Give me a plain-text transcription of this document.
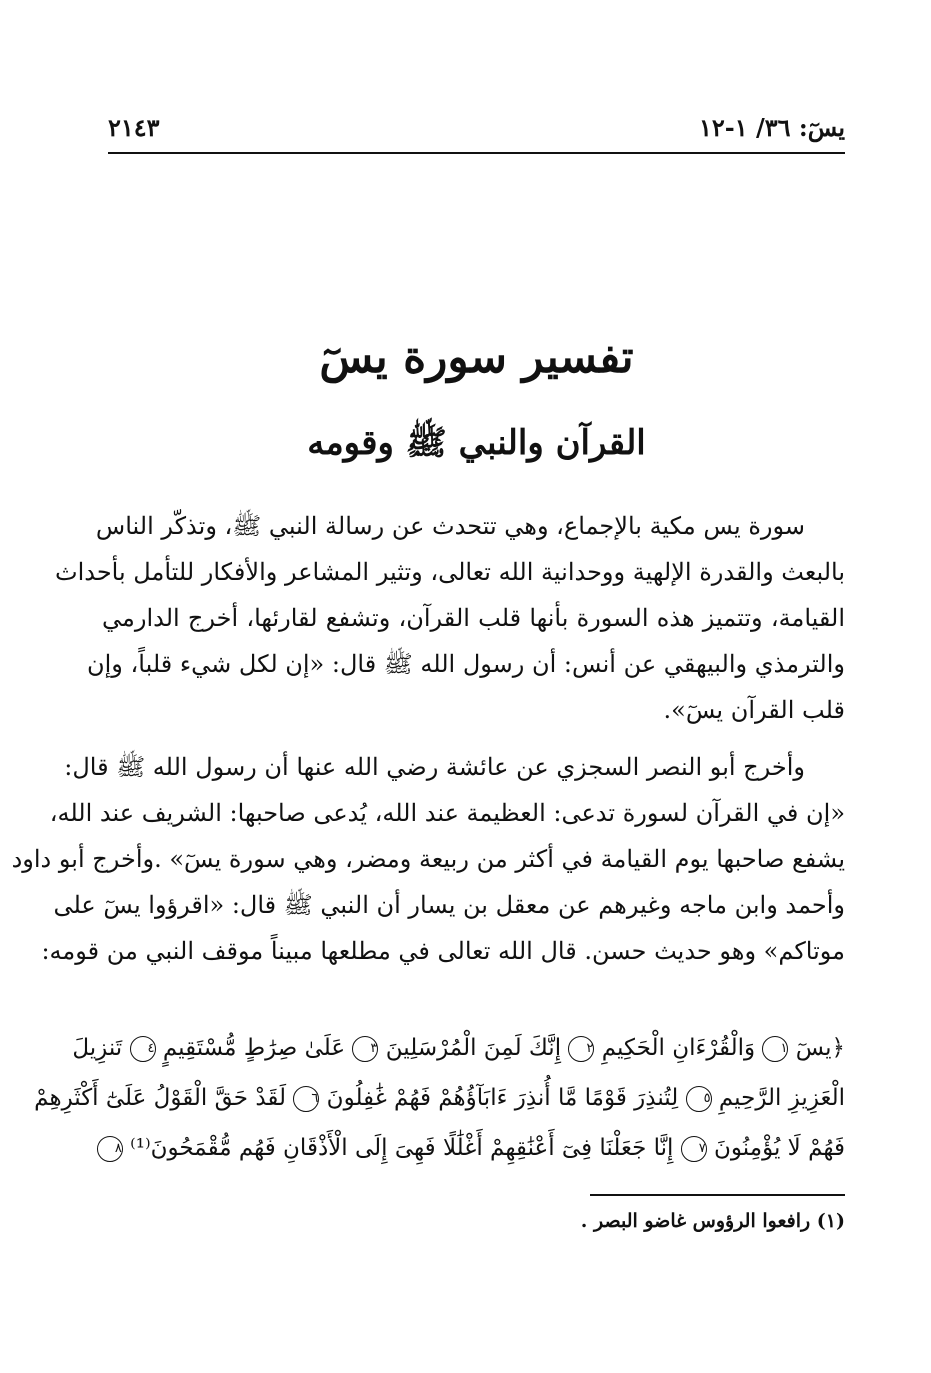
يسٓ: ٣٦/ ١-١٢
٢١٤٣
تفسير سورة يسٓ
القرآن والنبي ﷺ وقومه
سورة يس مكية بالإجماع، وهي تتحدث عن رسالة النبي ﷺ، وتذكّر الناس
بالبعث والقدرة الإلهية ووحدانية الله تعالى، وتثير المشاعر والأفكار للتأمل بأحداث
القيامة، وتتميز هذه السورة بأنها قلب القرآن، وتشفع لقارئها، أخرج الدارمي
والترمذي والبيهقي عن أنس: أن رسول الله ﷺ قال: «إن لكل شيء قلباً، وإن
قلب القرآن يسٓ».
وأخرج أبو النصر السجزي عن عائشة رضي الله عنها أن رسول الله ﷺ قال:
«إن في القرآن لسورة تدعى: العظيمة عند الله، يُدعى صاحبها: الشريف عند الله،
يشفع صاحبها يوم القيامة في أكثر من ربيعة ومضر، وهي سورة يسٓ» .وأخرج أبو داود
وأحمد وابن ماجه وغيرهم عن معقل بن يسار أن النبي ﷺ قال: «اقرؤوا يسٓ على
موتاكم» وهو حديث حسن. قال الله تعالى في مطلعها مبيناً موقف النبي من قومه:
﴿يسٓ ١ وَالْقُرْءَانِ الْحَكِيمِ ٢ إِنَّكَ لَمِنَ الْمُرْسَلِينَ ٣ عَلَىٰ صِرَٰطٍ مُّسْتَقِيمٍ ٤ تَنزِيلَ
الْعَزِيزِ الرَّحِيمِ ٥ لِتُنذِرَ قَوْمًا مَّا أُنذِرَ ءَابَآؤُهُمْ فَهُمْ غَٰفِلُونَ ٦ لَقَدْ حَقَّ الْقَوْلُ عَلَىٰٓ أَكْثَرِهِمْ
فَهُمْ لَا يُؤْمِنُونَ ٧ إِنَّا جَعَلْنَا فِىٓ أَعْنَٰقِهِمْ أَغْلَٰلًا فَهِىَ إِلَى الْأَذْقَانِ فَهُم مُّقْمَحُونَ⁽¹⁾ ٨
(١) رافعوا الرؤوس غاضو البصر .
